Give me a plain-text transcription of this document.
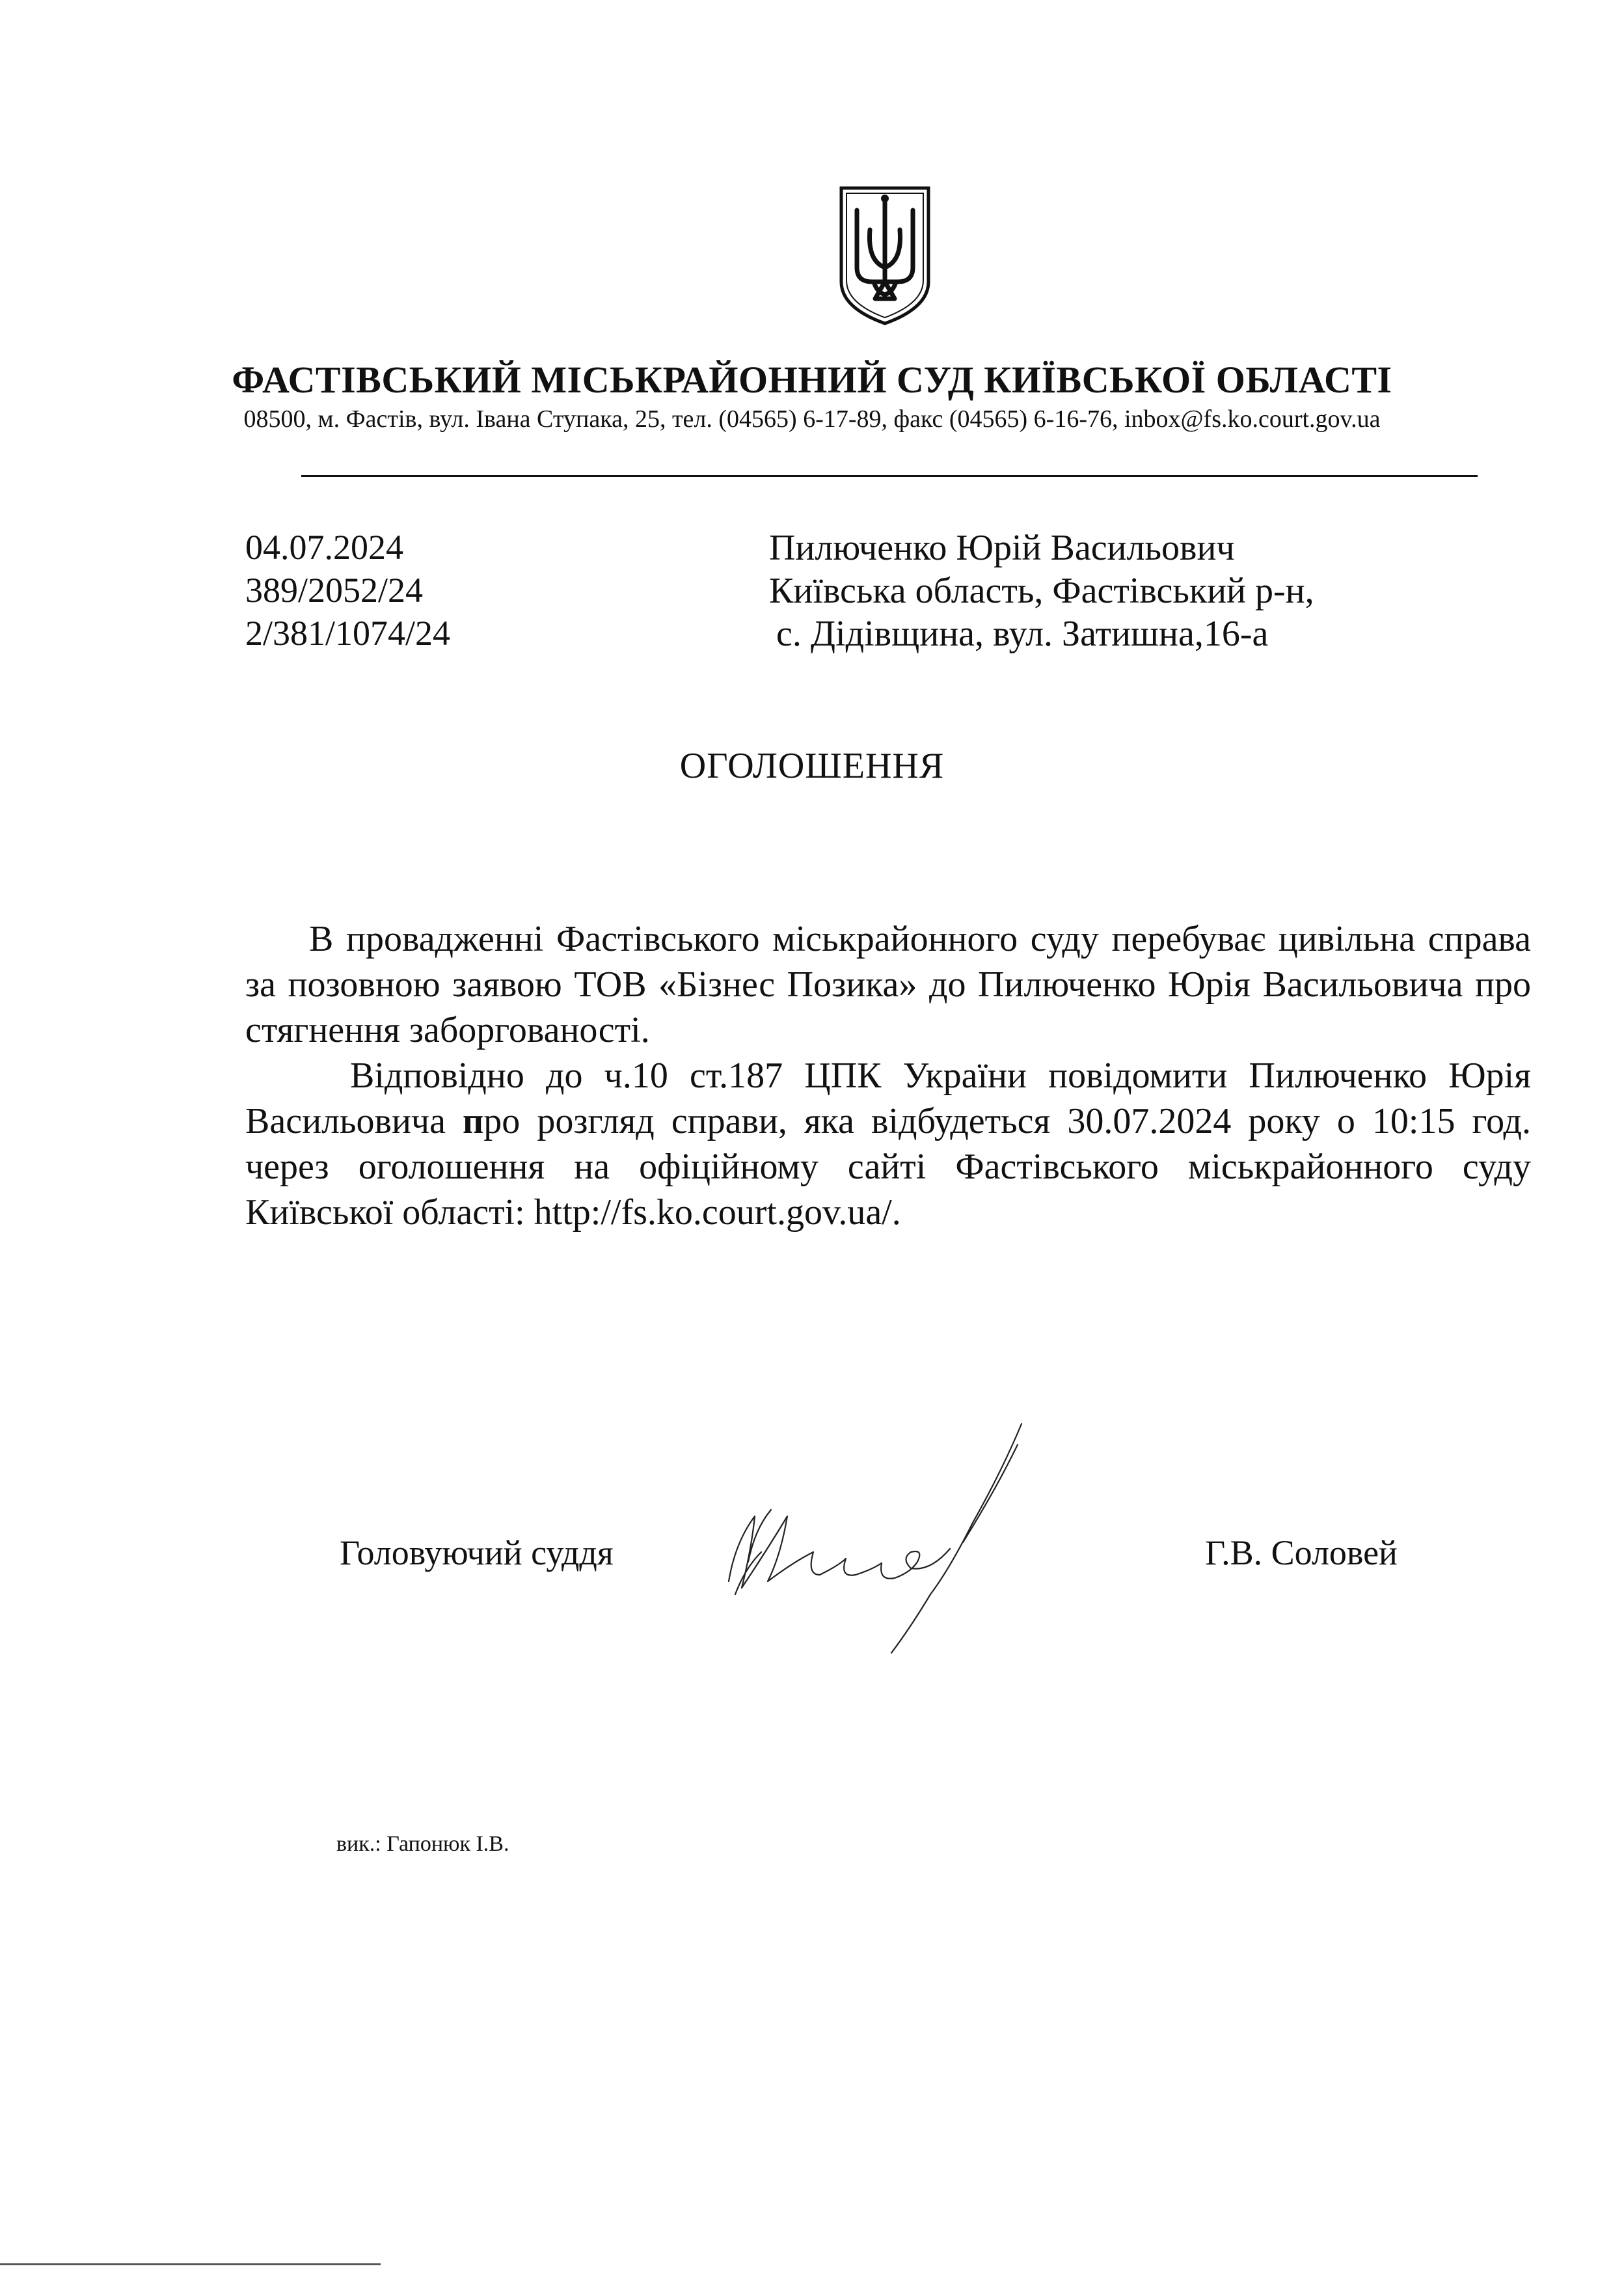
ФАСТІВСЬКИЙ МІСЬКРАЙОННИЙ СУД КИЇВСЬКОЇ ОБЛАСТІ
08500, м. Фастів, вул. Івана Ступака, 25, тел. (04565) 6-17-89, факс (04565) 6-16-76, inbox@fs.ko.court.gov.ua
04.07.2024
389/2052/24
2/381/1074/24
Пилюченко Юрій Васильович
Київська область, Фастівський р-н,
с. Дідівщина, вул. Затишна,16-а
ОГОЛОШЕННЯ

В провадженні Фастівського міськрайонного суду перебуває цивільна справа за позовною заявою ТОВ «Бізнес Позика» до Пилюченко Юрія Васильовича про стягнення заборгованості.

Відповідно до ч.10 ст.187 ЦПК України повідомити Пилюченко Юрія Васильовича про розгляд справи, яка відбудеться 30.07.2024 року о 10:15 год. через оголошення на офіційному сайті Фастівського міськрайонного суду Київської області: http://fs.ko.court.gov.ua/.

Головуючий суддя	Г.В. Соловей
вик.: Гапонюк І.В.
